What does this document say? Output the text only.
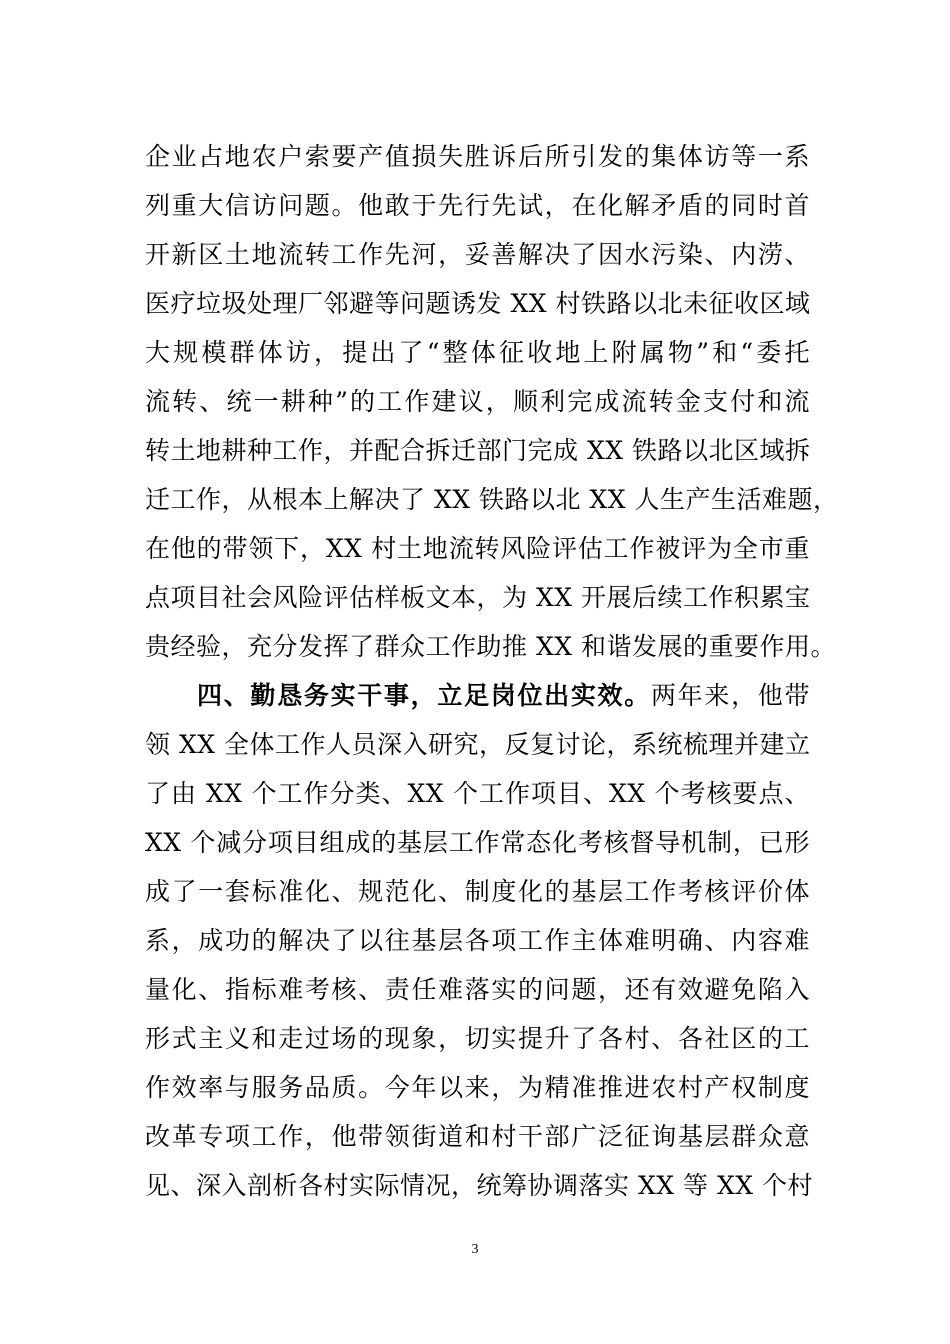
企业占地农户索要产值损失胜诉后所引发的集体访等一系
列重大信访问题。他敢于先行先试，在化解矛盾的同时首
开新区土地流转工作先河，妥善解决了因水污染、内涝、
医疗垃圾处理厂邻避等问题诱发 XX 村铁路以北未征收区域
大规模群体访，提出了“整体征收地上附属物”和“委托
流转、统一耕种”的工作建议，顺利完成流转金支付和流
转土地耕种工作，并配合拆迁部门完成 XX 铁路以北区域拆
迁工作，从根本上解决了 XX 铁路以北 XX 人生产生活难题，
在他的带领下，XX 村土地流转风险评估工作被评为全市重
点项目社会风险评估样板文本，为 XX 开展后续工作积累宝
贵经验，充分发挥了群众工作助推 XX 和谐发展的重要作用。
四、勤恳务实干事，立足岗位出实效。两年来，他带
领 XX 全体工作人员深入研究，反复讨论，系统梳理并建立
了由 XX 个工作分类、XX 个工作项目、XX 个考核要点、
XX 个减分项目组成的基层工作常态化考核督导机制，已形
成了一套标准化、规范化、制度化的基层工作考核评价体
系，成功的解决了以往基层各项工作主体难明确、内容难
量化、指标难考核、责任难落实的问题，还有效避免陷入
形式主义和走过场的现象，切实提升了各村、各社区的工
作效率与服务品质。今年以来，为精准推进农村产权制度
改革专项工作，他带领街道和村干部广泛征询基层群众意
见、深入剖析各村实际情况，统筹协调落实 XX 等 XX 个村
3
